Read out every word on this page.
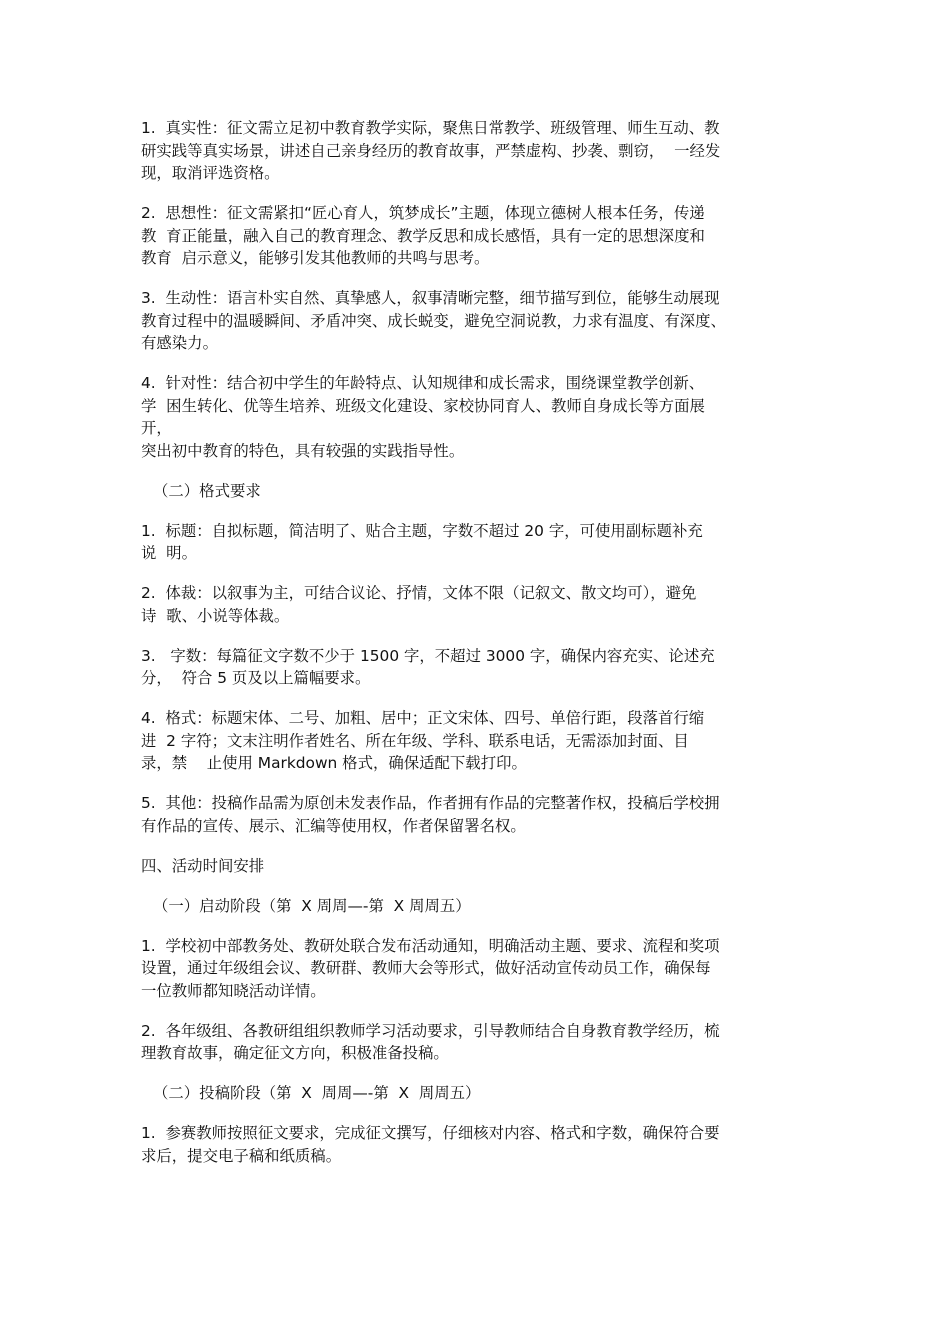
1.  真实性：征文需立足初中教育教学实际，聚焦日常教学、班级管理、师生互动、教
研实践等真实场景，讲述自己亲身经历的教育故事，严禁虚构、抄袭、剽窃，  一经发
现，取消评选资格。
2.  思想性：征文需紧扣“匠心育人，筑梦成长”主题，体现立德树人根本任务，传递
教  育正能量，融入自己的教育理念、教学反思和成长感悟，具有一定的思想深度和
教育  启示意义，能够引发其他教师的共鸣与思考。
3.  生动性：语言朴实自然、真挚感人，叙事清晰完整，细节描写到位，能够生动展现
教育过程中的温暖瞬间、矛盾冲突、成长蜕变，避免空洞说教，力求有温度、有深度、
有感染力。
4.  针对性：结合初中学生的年龄特点、认知规律和成长需求，围绕课堂教学创新、
学  困生转化、优等生培养、班级文化建设、家校协同育人、教师自身成长等方面展
开，
突出初中教育的特色，具有较强的实践指导性。
（二）格式要求
1.  标题：自拟标题，简洁明了、贴合主题，字数不超过 20 字，可使用副标题补充
说  明。
2.  体裁：以叙事为主，可结合议论、抒情，文体不限（记叙文、散文均可），避免
诗  歌、小说等体裁。
3.   字数：每篇征文字数不少于 1500 字，不超过 3000 字，确保内容充实、论述充
分，  符合 5 页及以上篇幅要求。
4.  格式：标题宋体、二号、加粗、居中；正文宋体、四号、单倍行距，段落首行缩
进  2 字符；文末注明作者姓名、所在年级、学科、联系电话，无需添加封面、目
录，禁    止使用 Markdown 格式，确保适配下载打印。
5.  其他：投稿作品需为原创未发表作品，作者拥有作品的完整著作权，投稿后学校拥
有作品的宣传、展示、汇编等使用权，作者保留署名权。
四、活动时间安排
（一）启动阶段（第  X 周周—-第  X 周周五）
1.  学校初中部教务处、教研处联合发布活动通知，明确活动主题、要求、流程和奖项
设置，通过年级组会议、教研群、教师大会等形式，做好活动宣传动员工作，确保每
一位教师都知晓活动详情。
2.  各年级组、各教研组组织教师学习活动要求，引导教师结合自身教育教学经历，梳
理教育故事，确定征文方向，积极准备投稿。
（二）投稿阶段（第  X  周周—-第  X  周周五）
1.  参赛教师按照征文要求，完成征文撰写，仔细核对内容、格式和字数，确保符合要
求后，提交电子稿和纸质稿。
